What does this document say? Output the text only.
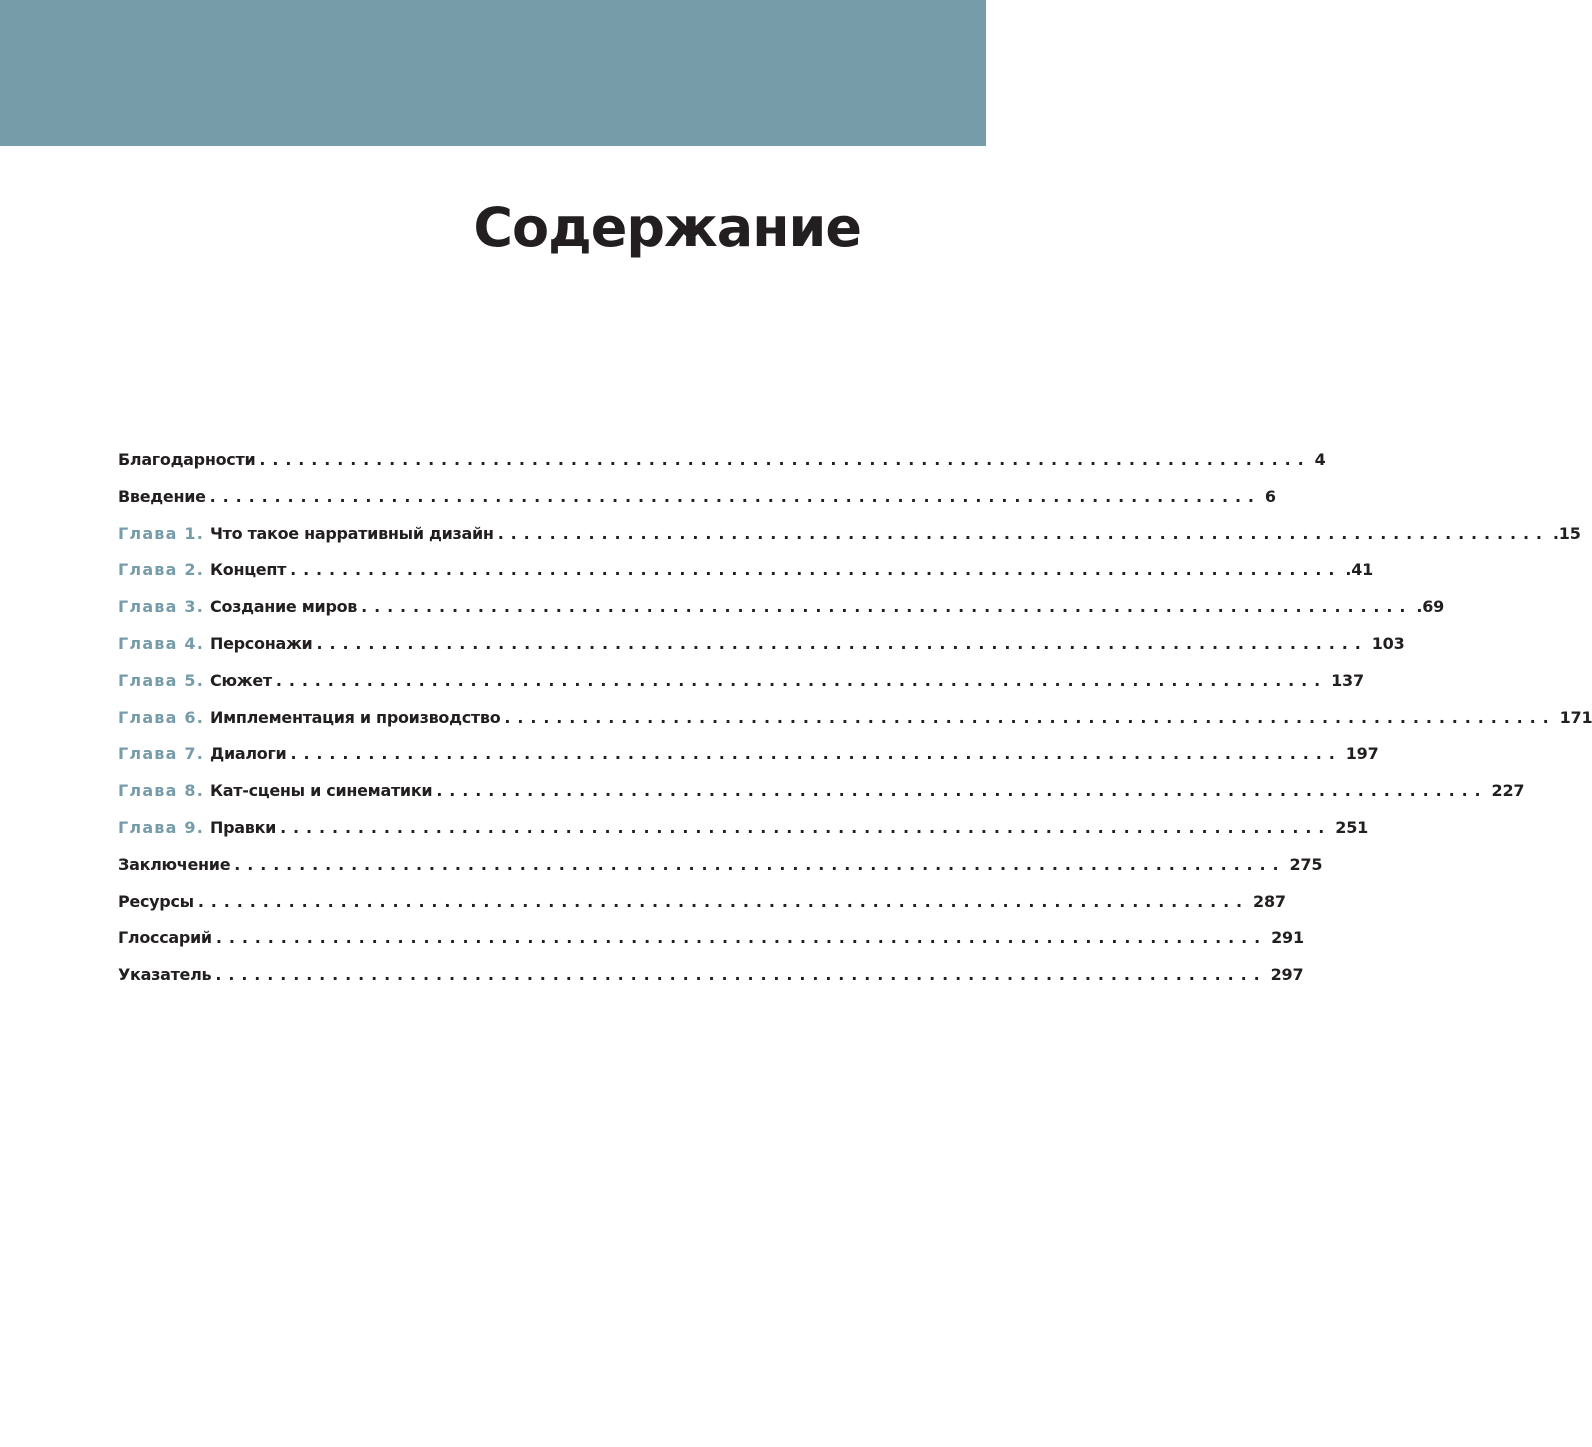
Содержание
Благодарности ................................................................................. 4
Введение ................................................................................. 6
Глава 1. Что такое нарративный дизайн ................................................................................. .15
Глава 2. Концепт ................................................................................. .41
Глава 3. Создание миров ................................................................................. .69
Глава 4. Персонажи ................................................................................. 103
Глава 5. Сюжет ................................................................................. 137
Глава 6. Имплементация и производство ................................................................................. 171
Глава 7. Диалоги ................................................................................. 197
Глава 8. Кат-сцены и синематики ................................................................................. 227
Глава 9. Правки ................................................................................. 251
Заключение ................................................................................. 275
Ресурсы ................................................................................. 287
Глоссарий ................................................................................. 291
Указатель ................................................................................. 297
